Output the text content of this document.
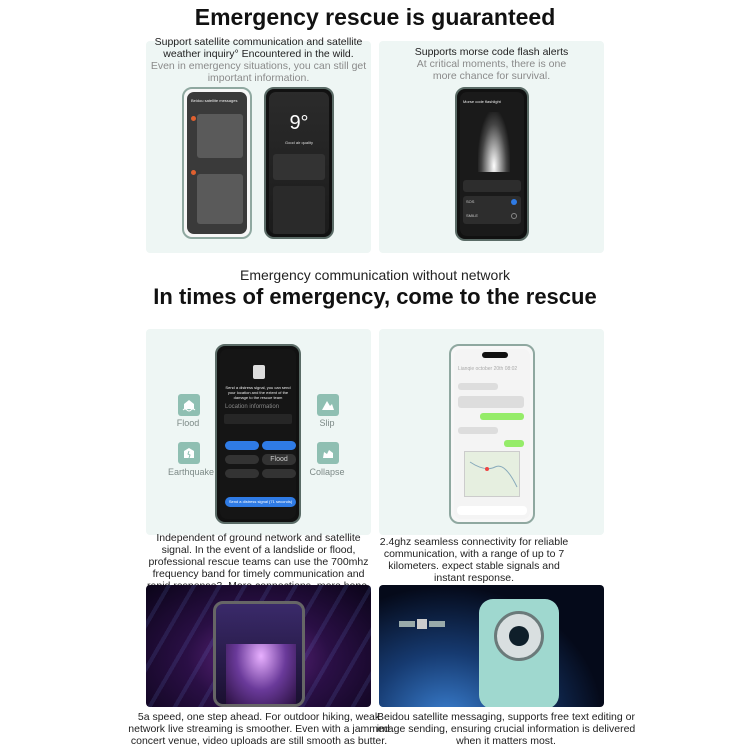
Emergency rescue is guaranteed
Support satellite communication and satellite
weather inquiry° Encountered in the wild.
Even in emergency situations, you can still get
important information.
Beidou satellite messages
9°
Good air quality
Supports morse code flash alerts
At critical moments, there is one
more chance for survival.
Morse code flashlight
SOS
SMILE
Emergency communication without network
In times of emergency, come to the rescue
Flood	Slip
Earthquake	Collapse
Send a distress signal, you can send
your location and the extent of the
damage to the rescue team
Location information
Flood
Send a distress signal (71 seconds)
Independent of ground network and satellite
signal. In the event of a landslide or flood,
professional rescue teams can use the 700mhz
frequency band for timely communication and
Lianqie october 20th 08:02
2.4ghz seamless connectivity for reliable
communication, with a range of up to 7
kilometers. expect stable signals and
instant response.
5a speed, one step ahead. For outdoor hiking, weak
network live streaming is smoother. Even with a jammed
concert venue, video uploads are still smooth as butter.
Beidou satellite messaging, supports free text editing or
image sending, ensuring crucial information is delivered
when it matters most.
